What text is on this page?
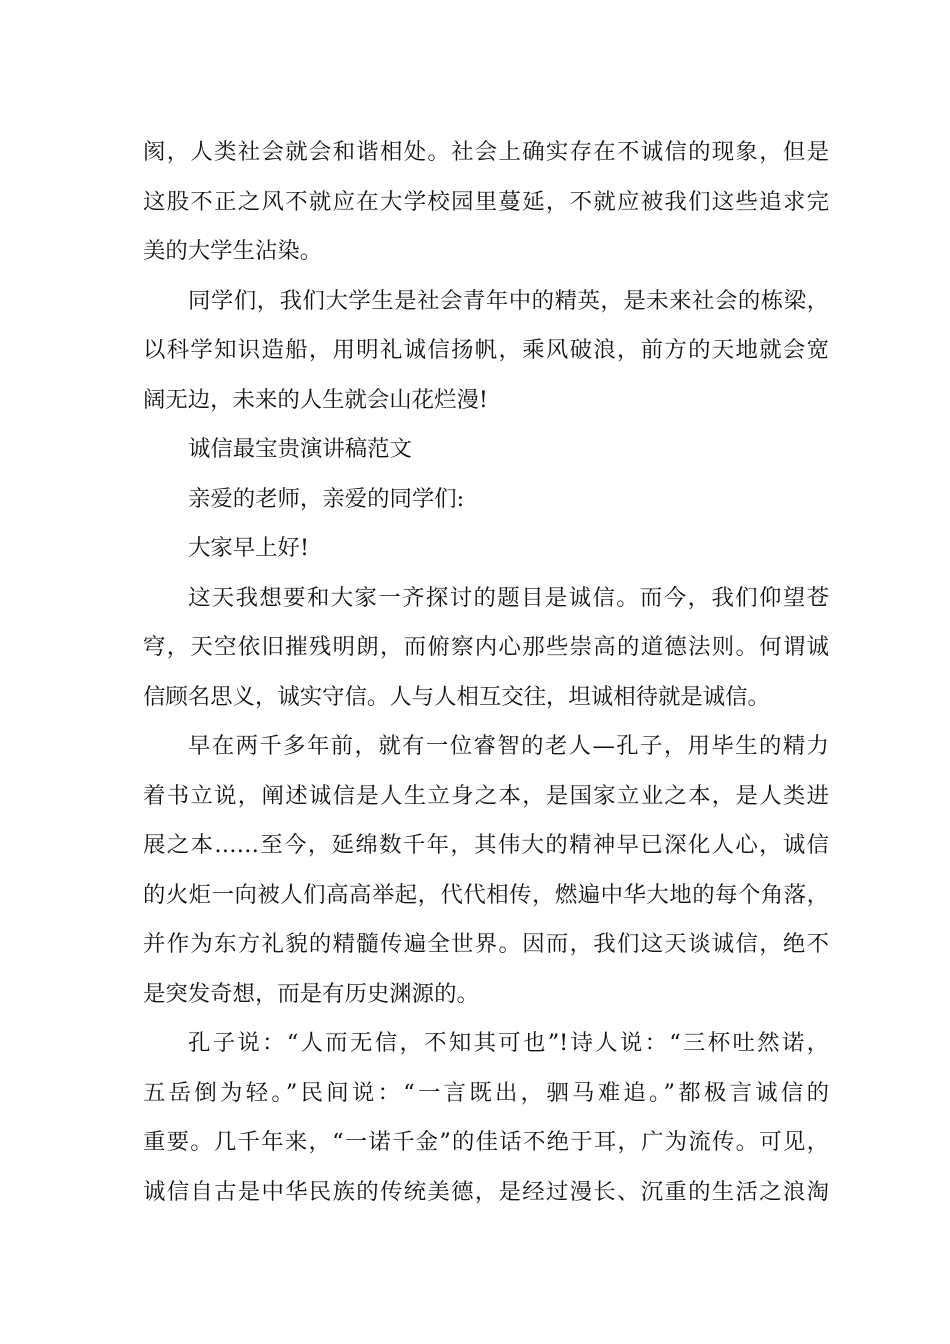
阂，人类社会就会和谐相处。社会上确实存在不诚信的现象，但是
这股不正之风不就应在大学校园里蔓延，不就应被我们这些追求完
美的大学生沾染。
同学们，我们大学生是社会青年中的精英，是未来社会的栋梁，
以科学知识造船，用明礼诚信扬帆，乘风破浪，前方的天地就会宽
阔无边，未来的人生就会山花烂漫!
诚信最宝贵演讲稿范文
亲爱的老师，亲爱的同学们:
大家早上好!
这天我想要和大家一齐探讨的题目是诚信。而今，我们仰望苍
穹，天空依旧摧残明朗，而俯察内心那些崇高的道德法则。何谓诚
信顾名思义，诚实守信。人与人相互交往，坦诚相待就是诚信。
早在两千多年前，就有一位睿智的老人—孔子，用毕生的精力
着书立说，阐述诚信是人生立身之本，是国家立业之本，是人类进
展之本……至今，延绵数千年，其伟大的精神早已深化人心，诚信
的火炬一向被人们高高举起，代代相传，燃遍中华大地的每个角落，
并作为东方礼貌的精髓传遍全世界。因而，我们这天谈诚信，绝不
是突发奇想，而是有历史渊源的。
孔子说：“人而无信，不知其可也”!诗人说：“三杯吐然诺，
五岳倒为轻。”民间说：“一言既出，驷马难追。”都极言诚信的
重要。几千年来，“一诺千金”的佳话不绝于耳，广为流传。可见，
诚信自古是中华民族的传统美德，是经过漫长、沉重的生活之浪淘
